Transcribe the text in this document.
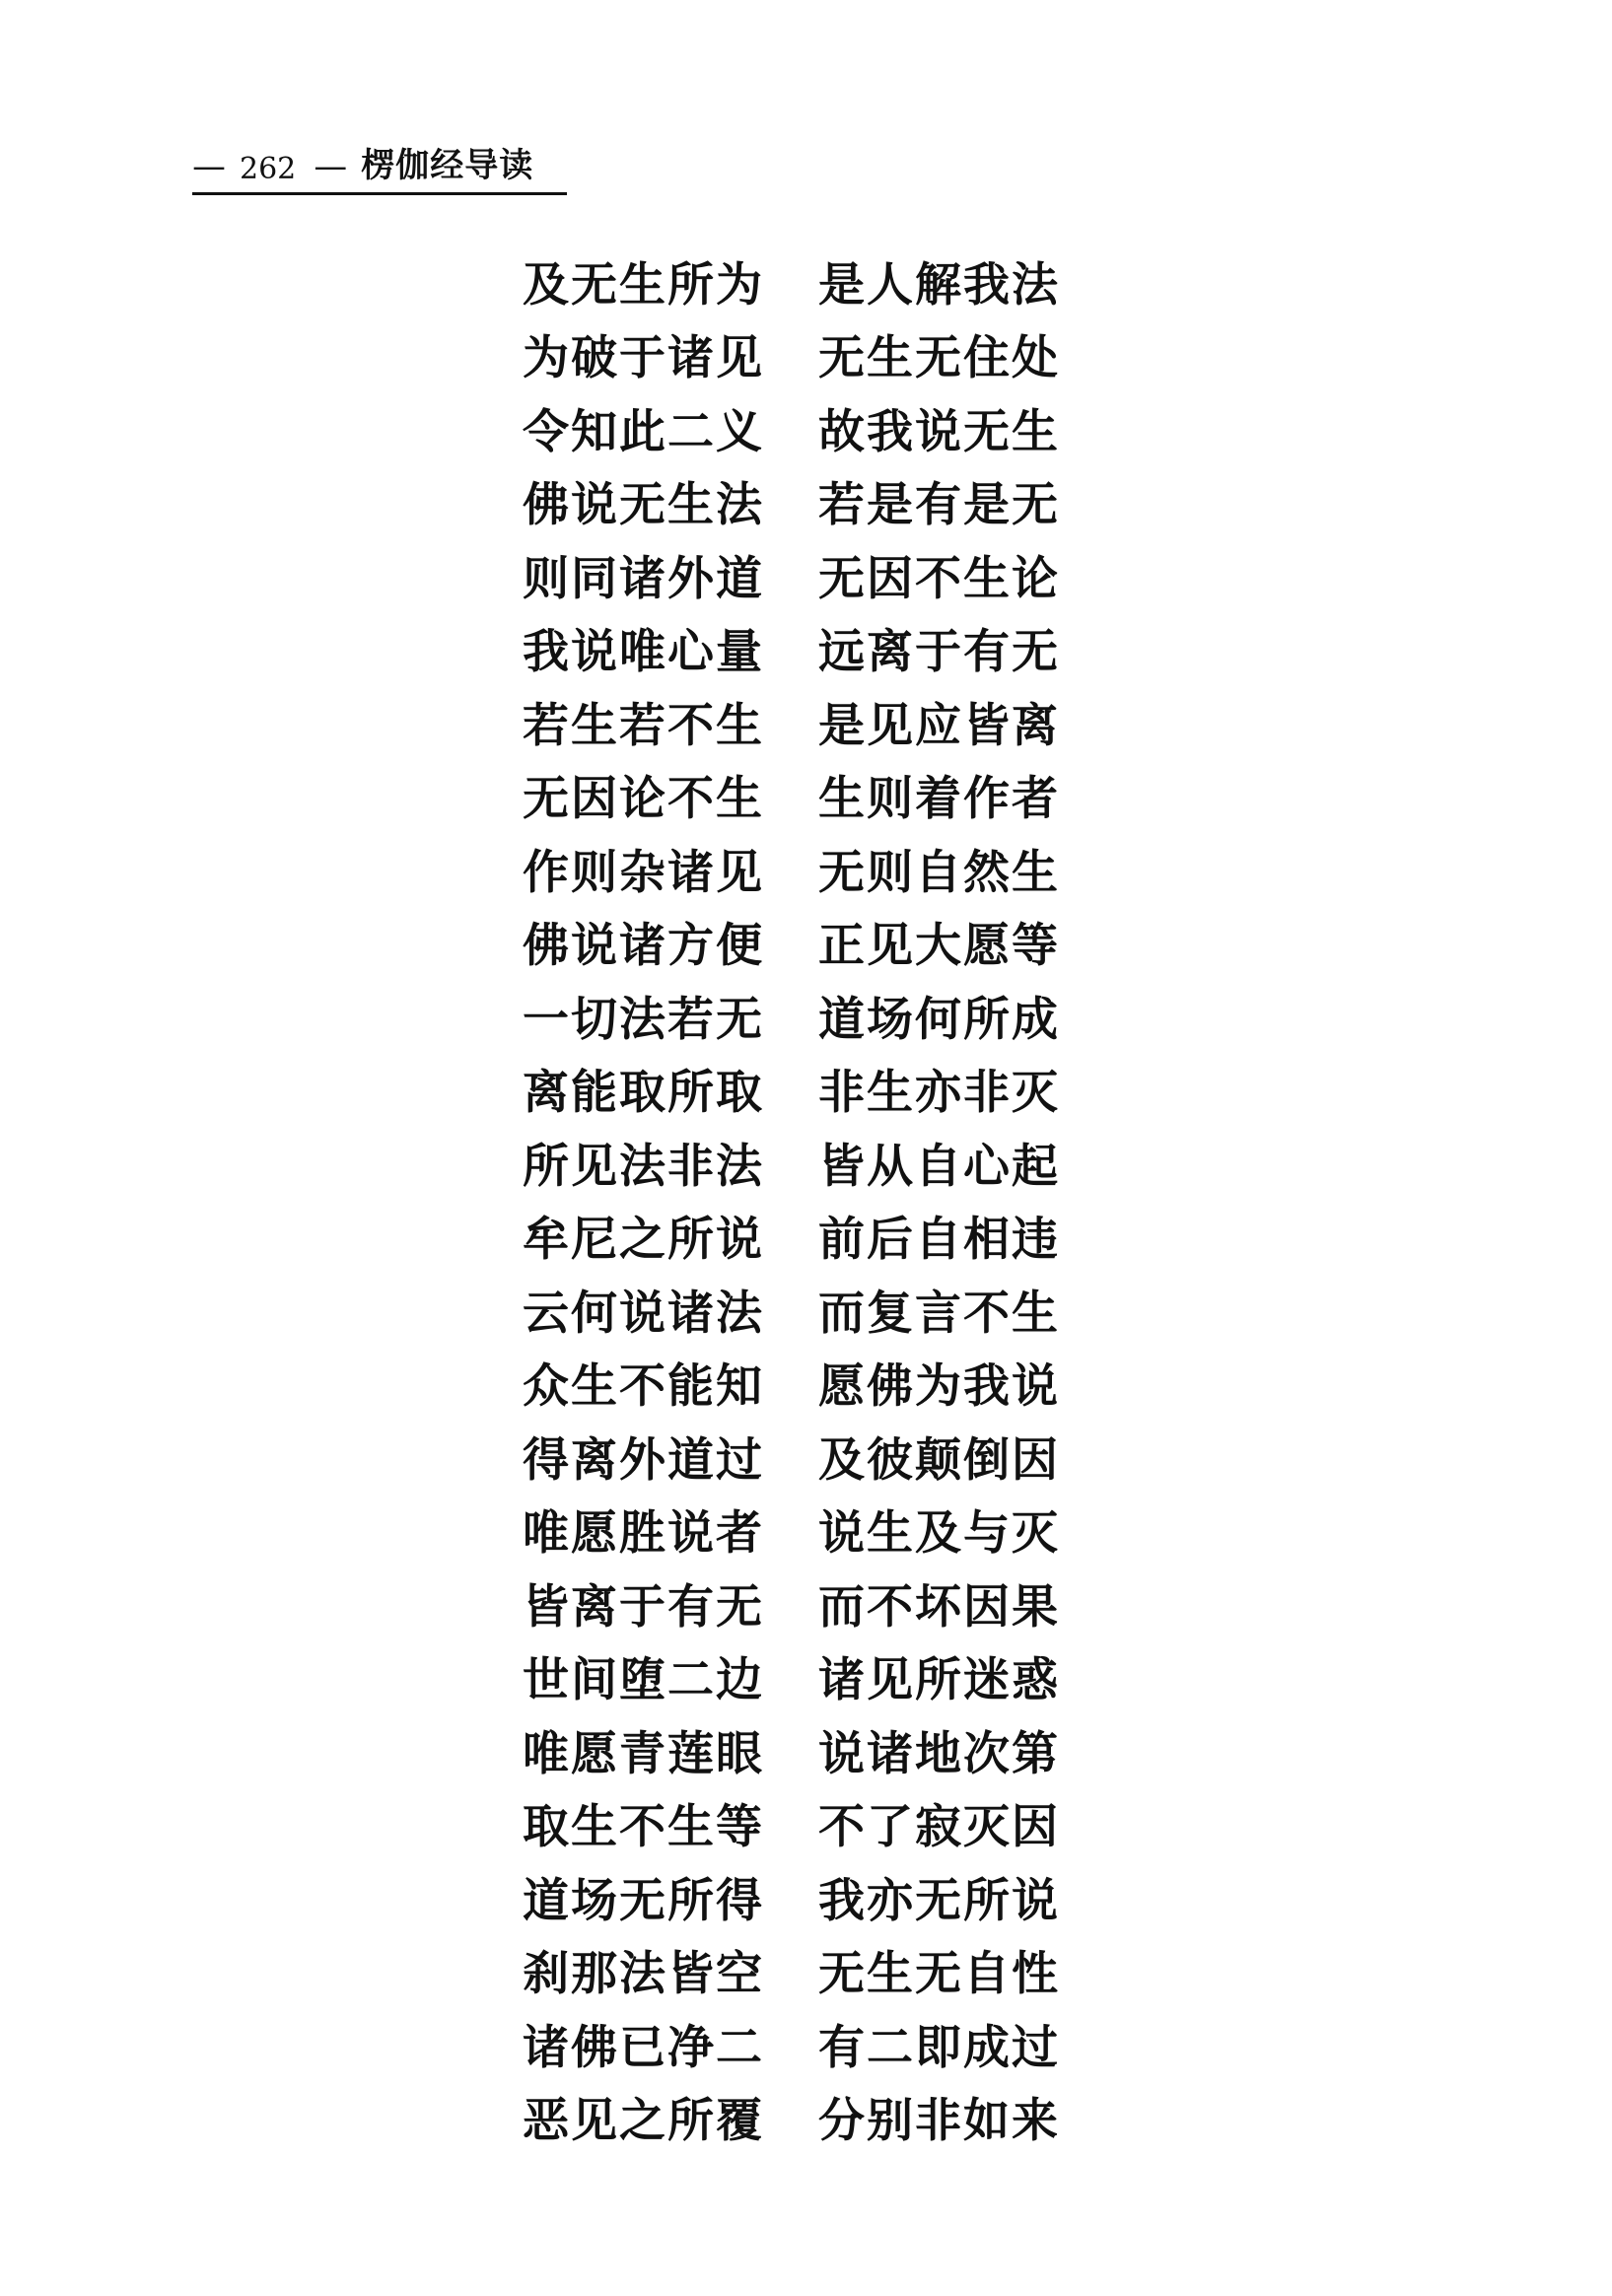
— 262 — 楞伽经导读
及无生所为	是人解我法
为破于诸见	无生无住处
令知此二义	故我说无生
佛说无生法	若是有是无
则同诸外道	无因不生论
我说唯心量	远离于有无
若生若不生	是见应皆离
无因论不生	生则着作者
作则杂诸见	无则自然生
佛说诸方便	正见大愿等
一切法若无	道场何所成
离能取所取	非生亦非灭
所见法非法	皆从自心起
牟尼之所说	前后自相违
云何说诸法	而复言不生
众生不能知	愿佛为我说
得离外道过	及彼颠倒因
唯愿胜说者	说生及与灭
皆离于有无	而不坏因果
世间堕二边	诸见所迷惑
唯愿青莲眼	说诸地次第
取生不生等	不了寂灭因
道场无所得	我亦无所说
刹那法皆空	无生无自性
诸佛已净二	有二即成过
恶见之所覆	分别非如来
